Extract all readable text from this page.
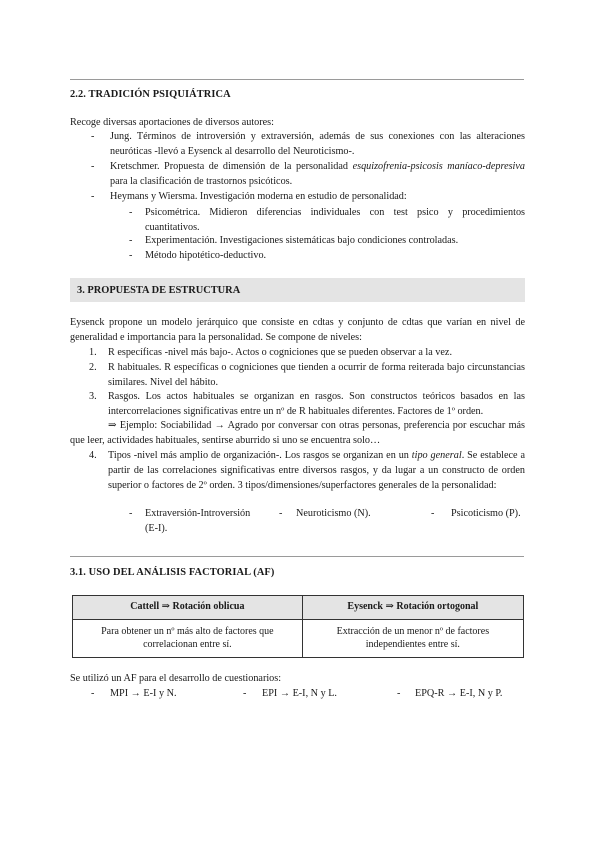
2.2. TRADICIÓN PSIQUIÁTRICA
Recoge diversas aportaciones de diversos autores:
- Jung. Términos de introversión y extraversión, además de sus conexiones con las alteraciones neuróticas -llevó a Eysenck al desarrollo del Neuroticismo-.
- Kretschmer. Propuesta de dimensión de la personalidad esquizofrenia-psicosis maníaco-depresiva para la clasificación de trastornos psicóticos.
- Heymans y Wiersma. Investigación moderna en estudio de personalidad:
- Psicométrica. Midieron diferencias individuales con test psico y procedimientos cuantitativos.
- Experimentación. Investigaciones sistemáticas bajo condiciones controladas.
- Método hipotético-deductivo.
3. PROPUESTA DE ESTRUCTURA
Eysenck propone un modelo jerárquico que consiste en cdtas y conjunto de cdtas que varían en nivel de generalidad e importancia para la personalidad. Se compone de niveles:
1. R específicas -nivel más bajo-. Actos o cogniciones que se pueden observar a la vez.
2. R habituales. R específicas o cogniciones que tienden a ocurrir de forma reiterada bajo circunstancias similares. Nivel del hábito.
3. Rasgos. Los actos habituales se organizan en rasgos. Son constructos teóricos basados en las intercorrelaciones significativas entre un nº de R habituales diferentes. Factores de 1º orden.
⇒ Ejemplo: Sociabilidad → Agrado por conversar con otras personas, preferencia por escuchar más que leer, actividades habituales, sentirse aburrido si uno se encuentra solo…
4. Tipos -nivel más amplio de organización-. Los rasgos se organizan en un tipo general. Se establece a partir de las correlaciones significativas entre diversos rasgos, y da lugar a un constructo de orden superior o factores de 2º orden. 3 tipos/dimensiones/superfactores generales de la personalidad:
- Extraversión-Introversión (E-I).
- Neuroticismo (N).	- Psicoticismo (P).
3.1. USO DEL ANÁLISIS FACTORIAL (AF)
Cattell ⇒ Rotación oblicua	Eysenck ⇒ Rotación ortogonal
Para obtener un nº más alto de factores que correlacionan entre sí.	Extracción de un menor nº de factores independientes entre sí.
Se utilizó un AF para el desarrollo de cuestionarios:
- MPI → E-I y N.	- EPI → E-I, N y L.	- EPQ-R → E-I, N y P.
